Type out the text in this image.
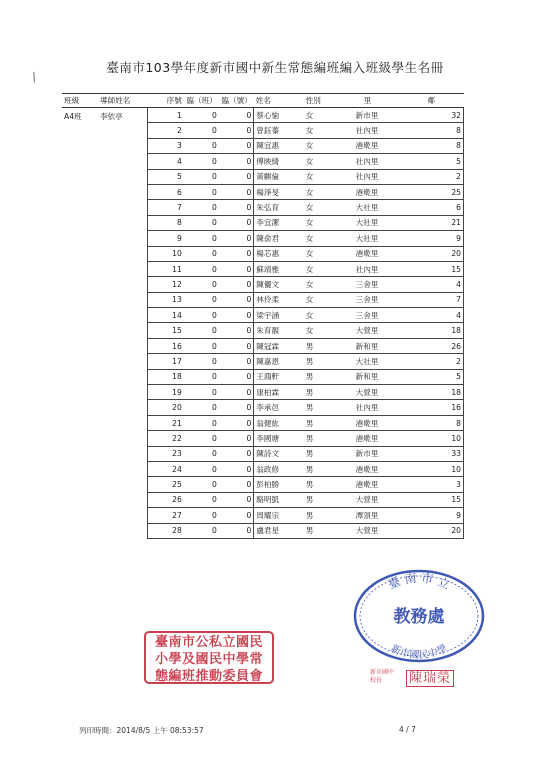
臺南市103學年度新市國中新生常態編班編入班級學生名冊
/
班級	導師姓名	序號	臨（班）	臨（號）	姓名	性別	里	鄰
A4班	李依亭	1	0	0	蔡心愉	女	新市里	32
		2	0	0	曾鈺蓁	女	社內里	8
		3	0	0	陳宜惠	女	港墘里	8
		4	0	0	傅映綺	女	社內里	5
		5	0	0	黃麒倫	女	社內里	2
		6	0	0	楊淨旻	女	港墘里	25
		7	0	0	朱弘育	女	大社里	6
		8	0	0	李宜潔	女	大社里	21
		9	0	0	陳俞君	女	大社里	9
		10	0	0	楊芯惠	女	港墘里	20
		11	0	0	蘇靖雅	女	社內里	15
		12	0	0	陳儷文	女	三舍里	4
		13	0	0	林伶柔	女	三舍里	7
		14	0	0	梁宇涵	女	三舍里	4
		15	0	0	朱育靚	女	大營里	18
		16	0	0	陳冠霖	男	新和里	26
		17	0	0	陳嘉恩	男	大社里	2
		18	0	0	王鴻軒	男	新和里	5
		19	0	0	康柏霖	男	大營里	18
		20	0	0	李承邑	男	社內里	16
		21	0	0	翁健紘	男	港墘里	8
		22	0	0	李國塘	男	港墘里	10
		23	0	0	陳詩文	男	新市里	33
		24	0	0	翁政修	男	港墘里	10
		25	0	0	彭柏勝	男	港墘里	3
		26	0	0	駱明凱	男	大營里	15
		27	0	0	周耀宗	男	潭頂里	9
		28	0	0	盧君星	男	大營里	20
臺 南 市 立
教務處
新市國民中學
臺南市公私立國民
小學及國民中學常
態編班推動委員會	新市國中 校長	陳瑞榮
列印時間：2014/8/5 上午 08:53:57	4 / 7
